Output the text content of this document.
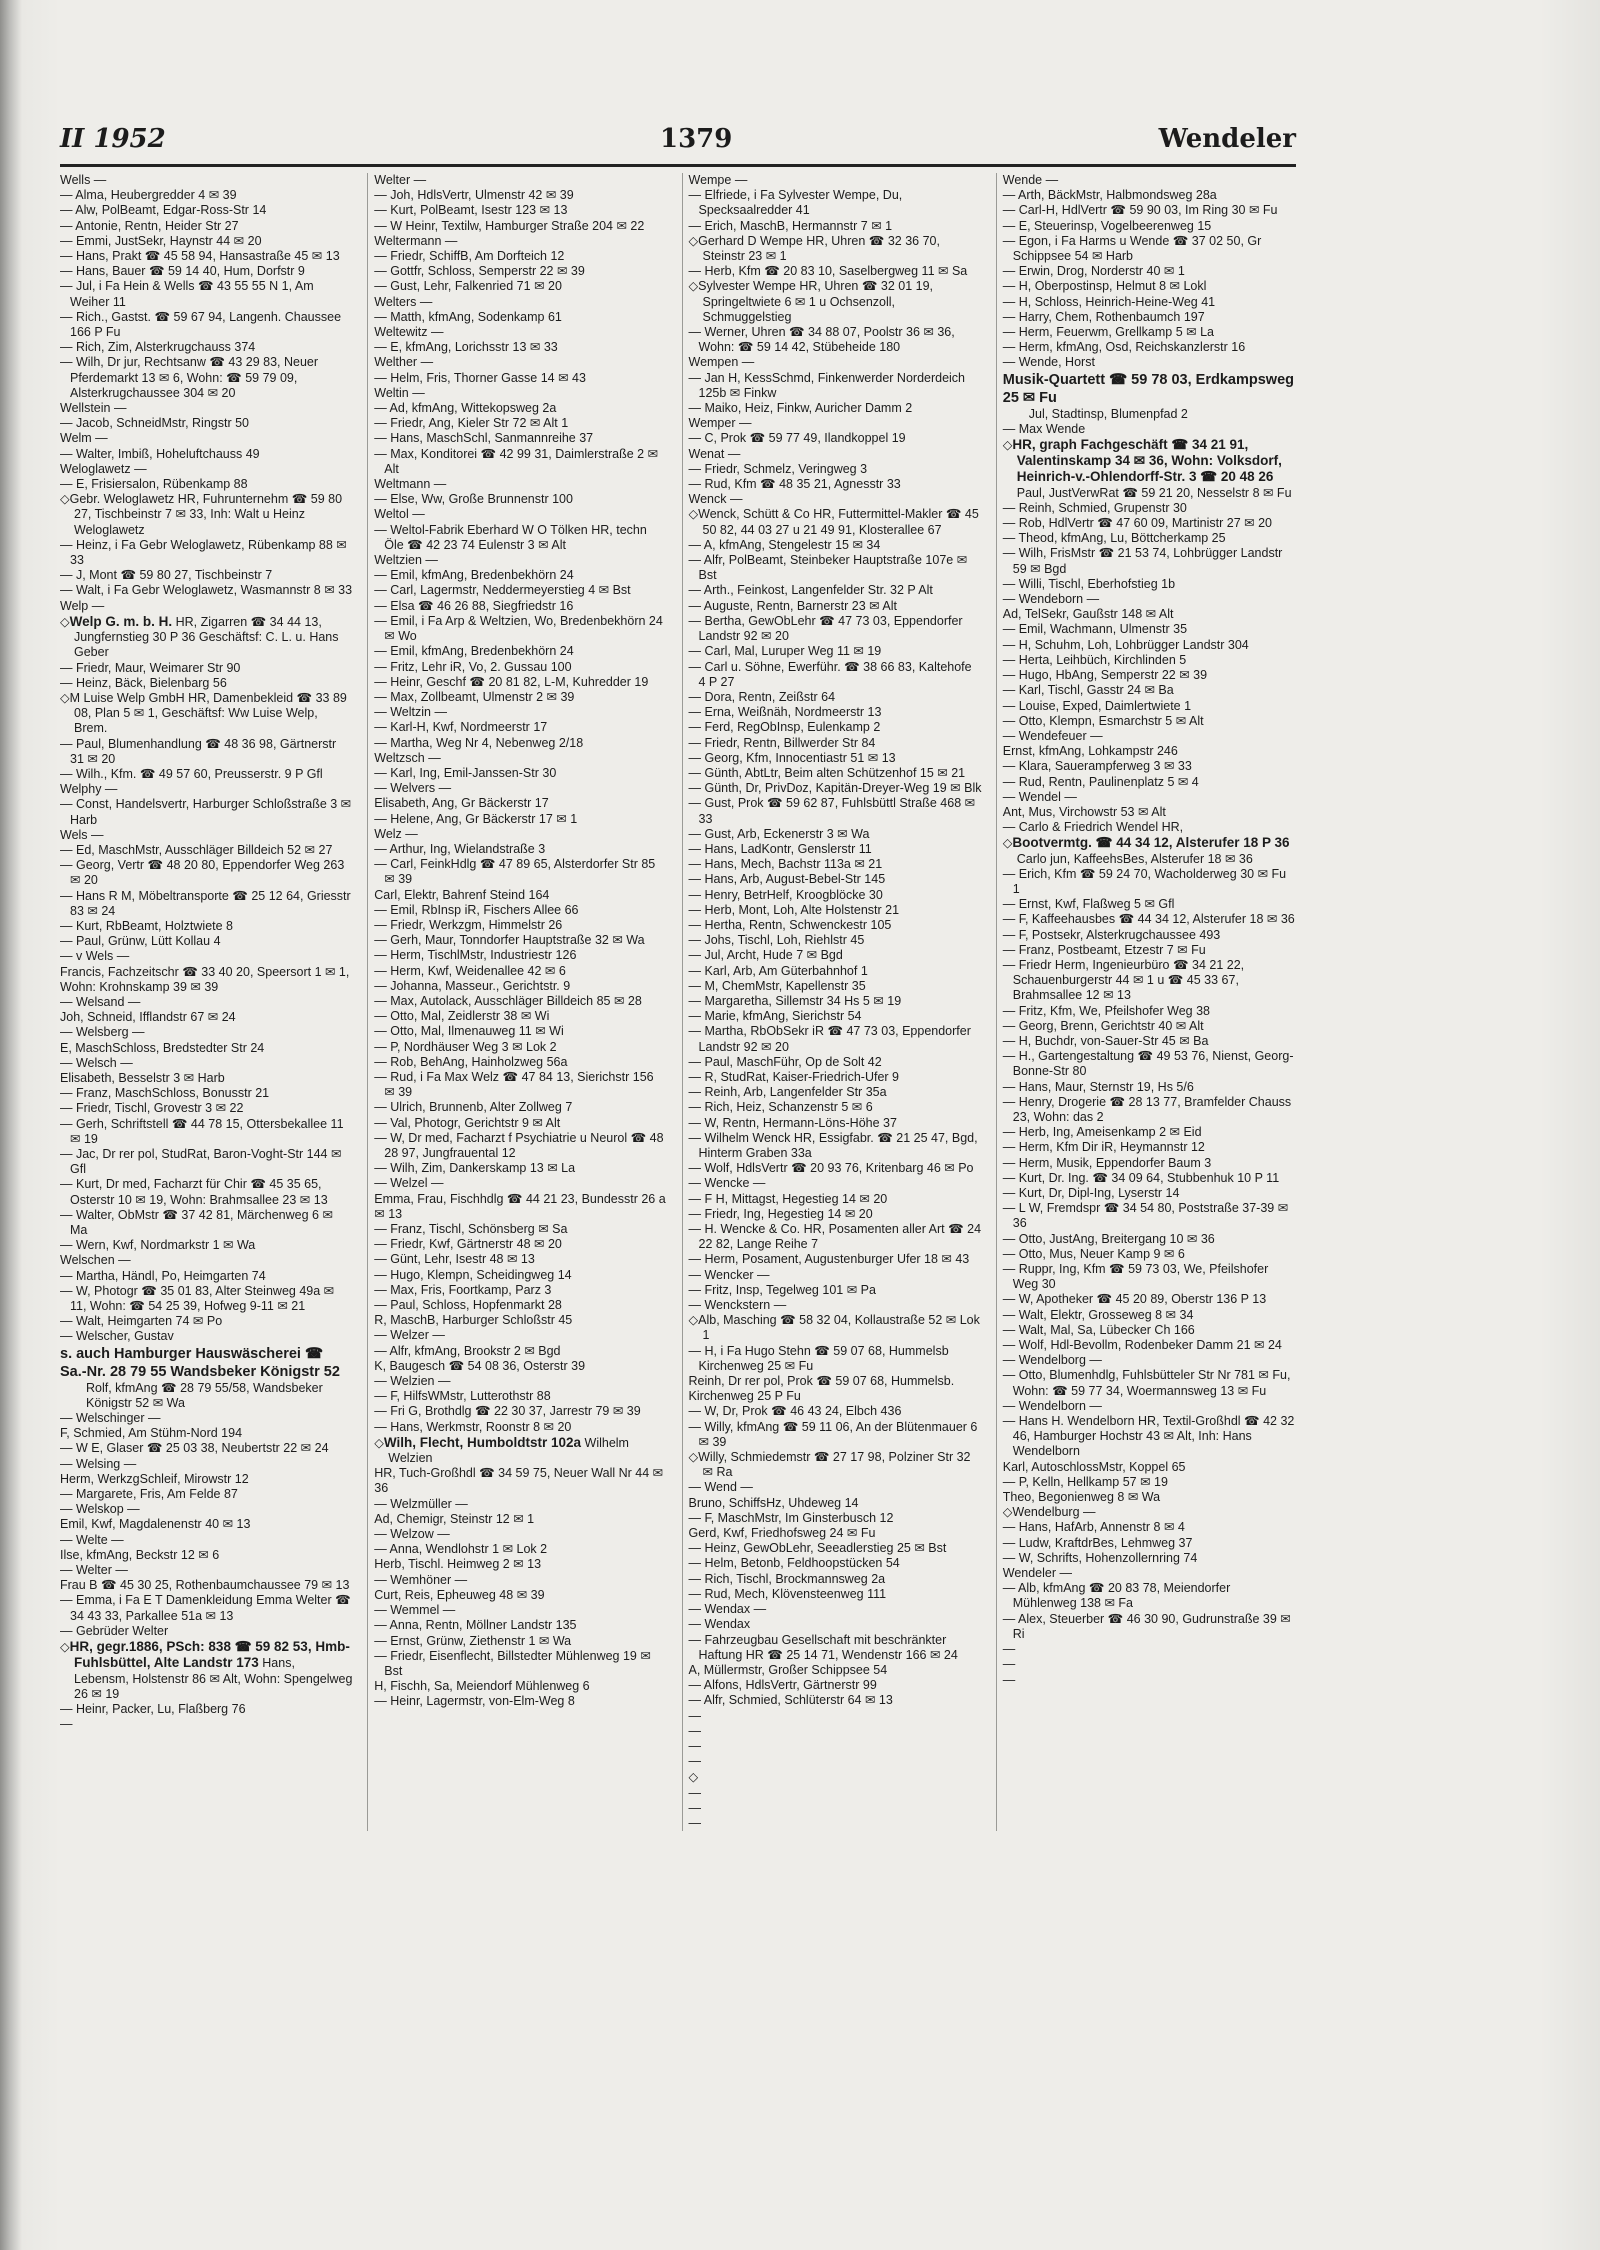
II 1952	1379	Wendeler

Wells —

— Alma, Heubergredder 4 ✉ 39

— Alw, PolBeamt, Edgar-Ross-Str 14

— Antonie, Rentn, Heider Str 27

— Emmi, JustSekr, Haynstr 44 ✉ 20

— Hans, Prakt ☎ 45 58 94, Hansastraße 45 ✉ 13

— Hans, Bauer ☎ 59 14 40, Hum, Dorfstr 9

— Jul, i Fa Hein & Wells ☎ 43 55 55 N 1, Am Weiher 11

— Rich., Gastst. ☎ 59 67 94, Langenh. Chaussee 166 P Fu

— Rich, Zim, Alsterkrugchauss 374

— Wilh, Dr jur, Rechtsanw ☎ 43 29 83, Neuer Pferdemarkt 13 ✉ 6, Wohn: ☎ 59 79 09, Alsterkrugchaussee 304 ✉ 20

Wellstein —

— Jacob, SchneidMstr, Ringstr 50

Welm —

— Walter, Imbiß, Hoheluftchauss 49

Weloglawetz —

— E, Frisiersalon, Rübenkamp 88

◇ Gebr. Weloglawetz HR, Fuhrunternehm ☎ 59 80 27, Tischbeinstr 7 ✉ 33, Inh: Walt u Heinz Weloglawetz

— Heinz, i Fa Gebr Weloglawetz, Rübenkamp 88 ✉ 33

— J, Mont ☎ 59 80 27, Tischbeinstr 7

— Walt, i Fa Gebr Weloglawetz, Wasmannstr 8 ✉ 33

Welp —

◇ Welp G. m. b. H. HR, Zigarren ☎ 34 44 13, Jungfernstieg 30 P 36 Geschäftsf: C. L. u. Hans Geber

— Friedr, Maur, Weimarer Str 90

— Heinz, Bäck, Bielenbarg 56

◇ M Luise Welp GmbH HR, Damenbekleid ☎ 33 89 08, Plan 5 ✉ 1, Geschäftsf: Ww Luise Welp, Brem.

— Paul, Blumenhandlung ☎ 48 36 98, Gärtnerstr 31 ✉ 20

— Wilh., Kfm. ☎ 49 57 60, Preusserstr. 9 P Gfl

Welphy —

— Const, Handelsvertr, Harburger Schloßstraße 3 ✉ Harb

Wels —

— Ed, MaschMstr, Ausschläger Billdeich 52 ✉ 27

— Georg, Vertr ☎ 48 20 80, Eppendorfer Weg 263 ✉ 20

— Hans R M, Möbeltransporte ☎ 25 12 64, Griesstr 83 ✉ 24

— Kurt, RbBeamt, Holztwiete 8

— Paul, Grünw, Lütt Kollau 4

— v Wels —

Francis, Fachzeitschr ☎ 33 40 20, Speersort 1 ✉ 1, Wohn: Krohnskamp 39 ✉ 39

— Welsand —

Joh, Schneid, Ifflandstr 67 ✉ 24

— Welsberg —

E, MaschSchloss, Bredstedter Str 24

— Welsch —

Elisabeth, Besselstr 3 ✉ Harb

— Franz, MaschSchloss, Bonusstr 21

— Friedr, Tischl, Grovestr 3 ✉ 22

— Gerh, Schriftstell ☎ 44 78 15, Ottersbekallee 11 ✉ 19

— Jac, Dr rer pol, StudRat, Baron-Voght-Str 144 ✉ Gfl

— Kurt, Dr med, Facharzt für Chir ☎ 45 35 65, Osterstr 10 ✉ 19, Wohn: Brahmsallee 23 ✉ 13

— Walter, ObMstr ☎ 37 42 81, Märchenweg 6 ✉ Ma

— Wern, Kwf, Nordmarkstr 1 ✉ Wa

Welschen —

— Martha, Händl, Po, Heimgarten 74

— W, Photogr ☎ 35 01 83, Alter Steinweg 49a ✉ 11, Wohn: ☎ 54 25 39, Hofweg 9-11 ✉ 21

— Walt, Heimgarten 74 ✉ Po

— Welscher, Gustav

s. auch Hamburger Hauswäscherei ☎ Sa.-Nr. 28 79 55 Wandsbeker Königstr 52

Rolf, kfmAng ☎ 28 79 55/58, Wandsbeker Königstr 52 ✉ Wa

— Welschinger —

F, Schmied, Am Stühm-Nord 194

— W E, Glaser ☎ 25 03 38, Neubertstr 22 ✉ 24

— Welsing —

Herm, WerkzgSchleif, Mirowstr 12

— Margarete, Fris, Am Felde 87

— Welskop —

Emil, Kwf, Magdalenenstr 40 ✉ 13

— Welte —

Ilse, kfmAng, Beckstr 12 ✉ 6

— Welter —

Frau B ☎ 45 30 25, Rothenbaumchaussee 79 ✉ 13

— Emma, i Fa E T Damenkleidung Emma Welter ☎ 34 43 33, Parkallee 51a ✉ 13

— Gebrüder Welter

◇ HR, gegr.1886, PSch: 838 ☎ 59 82 53, Hmb-Fuhlsbüttel, Alte Landstr 173 Hans, Lebensm, Holstenstr 86 ✉ Alt, Wohn: Spengelweg 26 ✉ 19

— Heinr, Packer, Lu, Flaßberg 76

—

Welter —

— Joh, HdlsVertr, Ulmenstr 42 ✉ 39

— Kurt, PolBeamt, Isestr 123 ✉ 13

— W Heinr, Textilw, Hamburger Straße 204 ✉ 22

Weltermann —

— Friedr, SchiffB, Am Dorfteich 12

— Gottfr, Schloss, Semperstr 22 ✉ 39

— Gust, Lehr, Falkenried 71 ✉ 20

Welters —

— Matth, kfmAng, Sodenkamp 61

Weltewitz —

— E, kfmAng, Lorichsstr 13 ✉ 33

Welther —

— Helm, Fris, Thorner Gasse 14 ✉ 43

Weltin —

— Ad, kfmAng, Wittekopsweg 2a

— Friedr, Ang, Kieler Str 72 ✉ Alt 1

— Hans, MaschSchl, Sanmannreihe 37

— Max, Konditorei ☎ 42 99 31, Daimlerstraße 2 ✉ Alt

Weltmann —

— Else, Ww, Große Brunnenstr 100

Weltol —

— Weltol-Fabrik Eberhard W O Tölken HR, techn Öle ☎ 42 23 74 Eulenstr 3 ✉ Alt

Weltzien —

— Emil, kfmAng, Bredenbekhörn 24

— Carl, Lagermstr, Neddermeyerstieg 4 ✉ Bst

— Elsa ☎ 46 26 88, Siegfriedstr 16

— Emil, i Fa Arp & Weltzien, Wo, Bredenbekhörn 24 ✉ Wo

— Emil, kfmAng, Bredenbekhörn 24

— Fritz, Lehr iR, Vo, 2. Gussau 100

— Heinr, Geschf ☎ 20 81 82, L-M, Kuhredder 19

— Max, Zollbeamt, Ulmenstr 2 ✉ 39

— Weltzin —

— Karl-H, Kwf, Nordmeerstr 17

— Martha, Weg Nr 4, Nebenweg 2/18

Weltzsch —

— Karl, Ing, Emil-Janssen-Str 30

— Welvers —

Elisabeth, Ang, Gr Bäckerstr 17

— Helene, Ang, Gr Bäckerstr 17 ✉ 1

Welz —

— Arthur, Ing, Wielandstraße 3

— Carl, FeinkHdlg ☎ 47 89 65, Alsterdorfer Str 85 ✉ 39

Carl, Elektr, Bahrenf Steind 164

— Emil, RbInsp iR, Fischers Allee 66

— Friedr, Werkzgm, Himmelstr 26

— Gerh, Maur, Tonndorfer Hauptstraße 32 ✉ Wa

— Herm, TischlMstr, Industriestr 126

— Herm, Kwf, Weidenallee 42 ✉ 6

— Johanna, Masseur., Gerichtstr. 9

— Max, Autolack, Ausschläger Billdeich 85 ✉ 28

— Otto, Mal, Zeidlerstr 38 ✉ Wi

— Otto, Mal, Ilmenauweg 11 ✉ Wi

— P, Nordhäuser Weg 3 ✉ Lok 2

— Rob, BehAng, Hainholzweg 56a

— Rud, i Fa Max Welz ☎ 47 84 13, Sierichstr 156 ✉ 39

— Ulrich, Brunnenb, Alter Zollweg 7

— Val, Photogr, Gerichtstr 9 ✉ Alt

— W, Dr med, Facharzt f Psychiatrie u Neurol ☎ 48 28 97, Jungfrauental 12

— Wilh, Zim, Dankerskamp 13 ✉ La

— Welzel —

Emma, Frau, Fischhdlg ☎ 44 21 23, Bundesstr 26 a ✉ 13

— Franz, Tischl, Schönsberg ✉ Sa

— Friedr, Kwf, Gärtnerstr 48 ✉ 20

— Günt, Lehr, Isestr 48 ✉ 13

— Hugo, Klempn, Scheidingweg 14

— Max, Fris, Foortkamp, Parz 3

— Paul, Schloss, Hopfenmarkt 28

R, MaschB, Harburger Schloßstr 45

— Welzer —

— Alfr, kfmAng, Brookstr 2 ✉ Bgd

K, Baugesch ☎ 54 08 36, Osterstr 39

— Welzien —

— F, HilfsWMstr, Lutterothstr 88

— Fri G, Brothdlg ☎ 22 30 37, Jarrestr 79 ✉ 39

— Hans, Werkmstr, Roonstr 8 ✉ 20

◇ Wilh, Flecht, Humboldtstr 102a Wilhelm Welzien

HR, Tuch-Großhdl ☎ 34 59 75, Neuer Wall Nr 44 ✉ 36

— Welzmüller —

Ad, Chemigr, Steinstr 12 ✉ 1

— Welzow —

— Anna, Wendlohstr 1 ✉ Lok 2

Herb, Tischl. Heimweg 2 ✉ 13

— Wemhöner —

Curt, Reis, Epheuweg 48 ✉ 39

— Wemmel —

— Anna, Rentn, Möllner Landstr 135

— Ernst, Grünw, Ziethenstr 1 ✉ Wa

— Friedr, Eisenflecht, Billstedter Mühlenweg 19 ✉ Bst

H, Fischh, Sa, Meiendorf Mühlenweg 6

— Heinr, Lagermstr, von-Elm-Weg 8

Wempe —

— Elfriede, i Fa Sylvester Wempe, Du, Specksaalredder 41

— Erich, MaschB, Hermannstr 7 ✉ 1

◇ Gerhard D Wempe HR, Uhren ☎ 32 36 70, Steinstr 23 ✉ 1

— Herb, Kfm ☎ 20 83 10, Saselbergweg 11 ✉ Sa

◇ Sylvester Wempe HR, Uhren ☎ 32 01 19, Springeltwiete 6 ✉ 1 u Ochsenzoll, Schmuggelstieg

— Werner, Uhren ☎ 34 88 07, Poolstr 36 ✉ 36, Wohn: ☎ 59 14 42, Stübeheide 180

Wempen —

— Jan H, KessSchmd, Finkenwerder Norderdeich 125b ✉ Finkw

— Maiko, Heiz, Finkw, Auricher Damm 2

Wemper —

— C, Prok ☎ 59 77 49, Ilandkoppel 19

Wenat —

— Friedr, Schmelz, Veringweg 3

— Rud, Kfm ☎ 48 35 21, Agnesstr 33

Wenck —

◇ Wenck, Schütt & Co HR, Futtermittel-Makler ☎ 45 50 82, 44 03 27 u 21 49 91, Klosterallee 67

— A, kfmAng, Stengelestr 15 ✉ 34

— Alfr, PolBeamt, Steinbeker Hauptstraße 107e ✉ Bst

— Arth., Feinkost, Langenfelder Str. 32 P Alt

— Auguste, Rentn, Barnerstr 23 ✉ Alt

— Bertha, GewObLehr ☎ 47 73 03, Eppendorfer Landstr 92 ✉ 20

— Carl, Mal, Luruper Weg 11 ✉ 19

— Carl u. Söhne, Ewerführ. ☎ 38 66 83, Kaltehofe 4 P 27

— Dora, Rentn, Zeißstr 64

— Erna, Weißnäh, Nordmeerstr 13

— Ferd, RegObInsp, Eulenkamp 2

— Friedr, Rentn, Billwerder Str 84

— Georg, Kfm, Innocentiastr 51 ✉ 13

— Günth, AbtLtr, Beim alten Schützenhof 15 ✉ 21

— Günth, Dr, PrivDoz, Kapitän-Dreyer-Weg 19 ✉ Blk

— Gust, Prok ☎ 59 62 87, Fuhlsbüttl Straße 468 ✉ 33

— Gust, Arb, Eckenerstr 3 ✉ Wa

— Hans, LadKontr, Genslerstr 11

— Hans, Mech, Bachstr 113a ✉ 21

— Hans, Arb, August-Bebel-Str 145

— Henry, BetrHelf, Kroogblöcke 30

— Herb, Mont, Loh, Alte Holstenstr 21

— Hertha, Rentn, Schwenckestr 105

— Johs, Tischl, Loh, Riehlstr 45

— Jul, Archt, Hude 7 ✉ Bgd

— Karl, Arb, Am Güterbahnhof 1

— M, ChemMstr, Kapellenstr 35

— Margaretha, Sillemstr 34 Hs 5 ✉ 19

— Marie, kfmAng, Sierichstr 54

— Martha, RbObSekr iR ☎ 47 73 03, Eppendorfer Landstr 92 ✉ 20

— Paul, MaschFühr, Op de Solt 42

— R, StudRat, Kaiser-Friedrich-Ufer 9

— Reinh, Arb, Langenfelder Str 35a

— Rich, Heiz, Schanzenstr 5 ✉ 6

— W, Rentn, Hermann-Löns-Höhe 37

— Wilhelm Wenck HR, Essigfabr. ☎ 21 25 47, Bgd, Hinterm Graben 33a

— Wolf, HdlsVertr ☎ 20 93 76, Kritenbarg 46 ✉ Po

— Wencke —

— F H, Mittagst, Hegestieg 14 ✉ 20

— Friedr, Ing, Hegestieg 14 ✉ 20

— H. Wencke & Co. HR, Posamenten aller Art ☎ 24 22 82, Lange Reihe 7

— Herm, Posament, Augustenburger Ufer 18 ✉ 43

— Wencker —

— Fritz, Insp, Tegelweg 101 ✉ Pa

— Wenckstern —

◇ Alb, Masching ☎ 58 32 04, Kollaustraße 52 ✉ Lok 1

— H, i Fa Hugo Stehn ☎ 59 07 68, Hummelsb Kirchenweg 25 ✉ Fu

Reinh, Dr rer pol, Prok ☎ 59 07 68, Hummelsb. Kirchenweg 25 P Fu

— W, Dr, Prok ☎ 46 43 24, Elbch 436

— Willy, kfmAng ☎ 59 11 06, An der Blütenmauer 6 ✉ 39

◇ Willy, Schmiedemstr ☎ 27 17 98, Polziner Str 32 ✉ Ra

— Wend —

Bruno, SchiffsHz, Uhdeweg 14

— F, MaschMstr, Im Ginsterbusch 12

Gerd, Kwf, Friedhofsweg 24 ✉ Fu

— Heinz, GewObLehr, Seeadlerstieg 25 ✉ Bst

— Helm, Betonb, Feldhoopstücken 54

— Rich, Tischl, Brockmannsweg 2a

— Rud, Mech, Klövensteenweg 111

— Wendax —

— Wendax

— Fahrzeugbau Gesellschaft mit beschränkter Haftung HR ☎ 25 14 71, Wendenstr 166 ✉ 24

A, Müllermstr, Großer Schippsee 54

— Alfons, HdlsVertr, Gärtnerstr 99

— Alfr, Schmied, Schlüterstr 64 ✉ 13

—

—

—

—

◇

—

—

—

Wende —

— Arth, BäckMstr, Halbmondsweg 28a

— Carl-H, HdlVertr ☎ 59 90 03, Im Ring 30 ✉ Fu

— E, Steuerinsp, Vogelbeerenweg 15

— Egon, i Fa Harms u Wende ☎ 37 02 50, Gr Schippsee 54 ✉ Harb

— Erwin, Drog, Norderstr 40 ✉ 1

— H, Oberpostinsp, Helmut 8 ✉ Lokl

— H, Schloss, Heinrich-Heine-Weg 41

— Harry, Chem, Rothenbaumch 197

— Herm, Feuerwm, Grellkamp 5 ✉ La

— Herm, kfmAng, Osd, Reichskanzlerstr 16

— Wende, Horst

Musik-Quartett ☎ 59 78 03, Erdkampsweg 25 ✉ Fu

Jul, Stadtinsp, Blumenpfad 2

— Max Wende

◇ HR, graph Fachgeschäft ☎ 34 21 91, Valentinskamp 34 ✉ 36, Wohn: Volksdorf, Heinrich-v.-Ohlendorff-Str. 3 ☎ 20 48 26 Paul, JustVerwRat ☎ 59 21 20, Nesselstr 8 ✉ Fu

— Reinh, Schmied, Grupenstr 30

— Rob, HdlVertr ☎ 47 60 09, Martinistr 27 ✉ 20

— Theod, kfmAng, Lu, Böttcherkamp 25

— Wilh, FrisMstr ☎ 21 53 74, Lohbrügger Landstr 59 ✉ Bgd

— Willi, Tischl, Eberhofstieg 1b

— Wendeborn —

Ad, TelSekr, Gaußstr 148 ✉ Alt

— Emil, Wachmann, Ulmenstr 35

— H, Schuhm, Loh, Lohbrügger Landstr 304

— Herta, Leihbüch, Kirchlinden 5

— Hugo, HbAng, Semperstr 22 ✉ 39

— Karl, Tischl, Gasstr 24 ✉ Ba

— Louise, Exped, Daimlertwiete 1

— Otto, Klempn, Esmarchstr 5 ✉ Alt

— Wendefeuer —

Ernst, kfmAng, Lohkampstr 246

— Klara, Sauerampferweg 3 ✉ 33

— Rud, Rentn, Paulinenplatz 5 ✉ 4

— Wendel —

Ant, Mus, Virchowstr 53 ✉ Alt

— Carlo & Friedrich Wendel HR,

◇ Bootvermtg. ☎ 44 34 12, Alsterufer 18 P 36 Carlo jun, KaffeehsBes, Alsterufer 18 ✉ 36

— Erich, Kfm ☎ 59 24 70, Wacholderweg 30 ✉ Fu 1

— Ernst, Kwf, Flaßweg 5 ✉ Gfl

— F, Kaffeehausbes ☎ 44 34 12, Alsterufer 18 ✉ 36

— F, Postsekr, Alsterkrugchaussee 493

— Franz, Postbeamt, Etzestr 7 ✉ Fu

— Friedr Herm, Ingenieurbüro ☎ 34 21 22, Schauenburgerstr 44 ✉ 1 u ☎ 45 33 67, Brahmsallee 12 ✉ 13

— Fritz, Kfm, We, Pfeilshofer Weg 38

— Georg, Brenn, Gerichtstr 40 ✉ Alt

— H, Buchdr, von-Sauer-Str 45 ✉ Ba

— H., Gartengestaltung ☎ 49 53 76, Nienst, Georg-Bonne-Str 80

— Hans, Maur, Sternstr 19, Hs 5/6

— Henry, Drogerie ☎ 28 13 77, Bramfelder Chauss 23, Wohn: das 2

— Herb, Ing, Ameisenkamp 2 ✉ Eid

— Herm, Kfm Dir iR, Heymannstr 12

— Herm, Musik, Eppendorfer Baum 3

— Kurt, Dr. Ing. ☎ 34 09 64, Stubbenhuk 10 P 11

— Kurt, Dr, Dipl-Ing, Lyserstr 14

— L W, Fremdspr ☎ 34 54 80, Poststraße 37-39 ✉ 36

— Otto, JustAng, Breitergang 10 ✉ 36

— Otto, Mus, Neuer Kamp 9 ✉ 6

— Ruppr, Ing, Kfm ☎ 59 73 03, We, Pfeilshofer Weg 30

— W, Apotheker ☎ 45 20 89, Oberstr 136 P 13

— Walt, Elektr, Grosseweg 8 ✉ 34

— Walt, Mal, Sa, Lübecker Ch 166

— Wolf, Hdl-Bevollm, Rodenbeker Damm 21 ✉ 24

— Wendelborg —

— Otto, Blumenhdlg, Fuhlsbütteler Str Nr 781 ✉ Fu, Wohn: ☎ 59 77 34, Woermannsweg 13 ✉ Fu

— Wendelborn —

— Hans H. Wendelborn HR, Textil-Großhdl ☎ 42 32 46, Hamburger Hochstr 43 ✉ Alt, Inh: Hans Wendelborn

Karl, AutoschlossMstr, Koppel 65

— P, Kelln, Hellkamp 57 ✉ 19

Theo, Begonienweg 8 ✉ Wa

◇ Wendelburg —

— Hans, HafArb, Annenstr 8 ✉ 4

— Ludw, KraftdrBes, Lehmweg 37

— W, Schrifts, Hohenzollernring 74

Wendeler —

— Alb, kfmAng ☎ 20 83 78, Meiendorfer Mühlenweg 138 ✉ Fa

— Alex, Steuerber ☎ 46 30 90, Gudrunstraße 39 ✉ Ri

—

—

—
